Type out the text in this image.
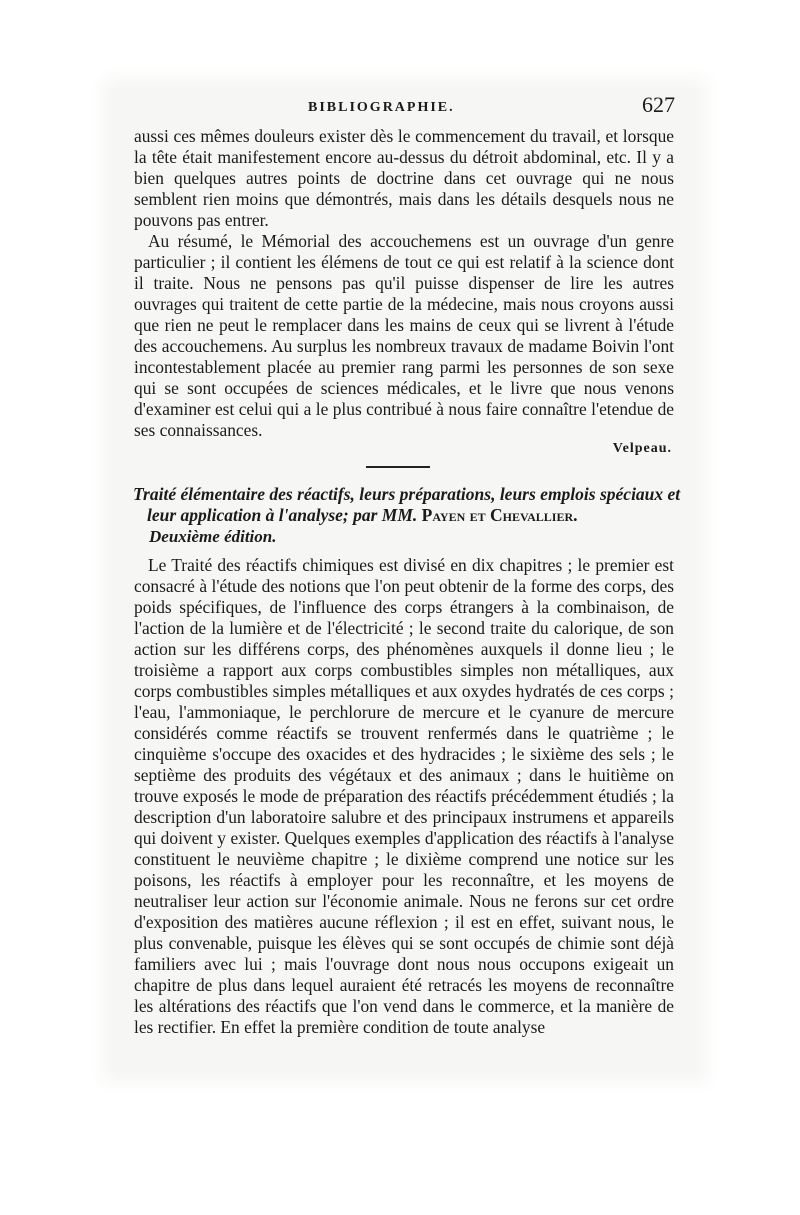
BIBLIOGRAPHIE.	627

aussi ces mêmes douleurs exister dès le commencement du travail, et lorsque la tête était manifestement encore au-dessus du détroit abdominal, etc. Il y a bien quelques autres points de doctrine dans cet ouvrage qui ne nous semblent rien moins que démontrés, mais dans les détails desquels nous ne pouvons pas entrer.

Au résumé, le Mémorial des accouchemens est un ouvrage d'un genre particulier ; il contient les élémens de tout ce qui est relatif à la science dont il traite. Nous ne pensons pas qu'il puisse dispenser de lire les autres ouvrages qui traitent de cette partie de la médecine, mais nous croyons aussi que rien ne peut le remplacer dans les mains de ceux qui se livrent à l'étude des accouchemens. Au surplus les nombreux travaux de madame Boivin l'ont incontestablement placée au premier rang parmi les personnes de son sexe qui se sont occupées de sciences médicales, et le livre que nous venons d'examiner est celui qui a le plus contribué à nous faire connaître l'etendue de ses connaissances.

Velpeau.
Traité élémentaire des réactifs, leurs préparations, leurs emplois spéciaux et leur application à l'analyse; par MM. Payen et Chevallier.
Deuxième édition.

Le Traité des réactifs chimiques est divisé en dix chapitres ; le premier est consacré à l'étude des notions que l'on peut obtenir de la forme des corps, des poids spécifiques, de l'influence des corps étrangers à la combinaison, de l'action de la lumière et de l'électricité ; le second traite du calorique, de son action sur les différens corps, des phénomènes auxquels il donne lieu ; le troisième a rapport aux corps combustibles simples non métalliques, aux corps combustibles simples métalliques et aux oxydes hydratés de ces corps ; l'eau, l'ammoniaque, le perchlorure de mercure et le cyanure de mercure considérés comme réactifs se trouvent renfermés dans le quatrième ; le cinquième s'occupe des oxacides et des hydracides ; le sixième des sels ; le septième des produits des végétaux et des animaux ; dans le huitième on trouve exposés le mode de préparation des réactifs précédemment étudiés ; la description d'un laboratoire salubre et des principaux instrumens et appareils qui doivent y exister. Quelques exemples d'application des réactifs à l'analyse constituent le neuvième chapitre ; le dixième comprend une notice sur les poisons, les réactifs à employer pour les reconnaître, et les moyens de neutraliser leur action sur l'économie animale. Nous ne ferons sur cet ordre d'exposition des matières aucune réflexion ; il est en effet, suivant nous, le plus convenable, puisque les élèves qui se sont occupés de chimie sont déjà familiers avec lui ; mais l'ouvrage dont nous nous occupons exigeait un chapitre de plus dans lequel auraient été retracés les moyens de reconnaître les altérations des réactifs que l'on vend dans le commerce, et la manière de les rectifier. En effet la première condition de toute analyse
